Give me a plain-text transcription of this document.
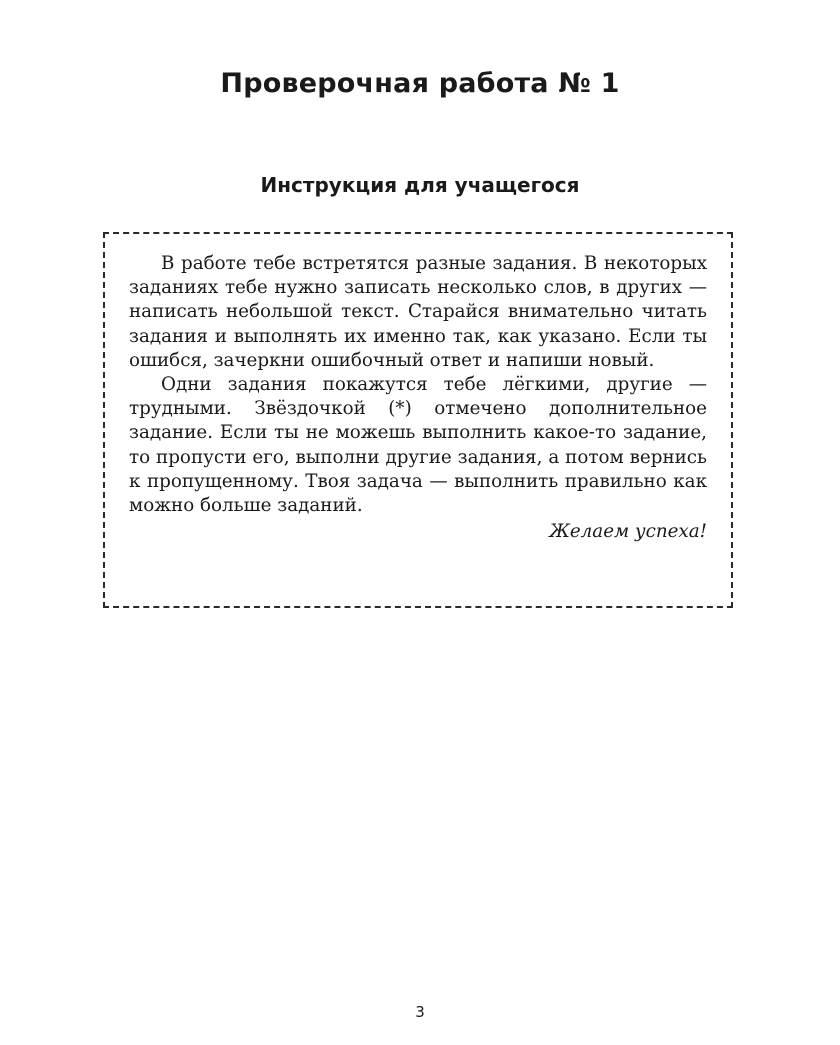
Проверочная работа № 1
Инструкция для учащегося

В работе тебе встретятся разные задания. В некоторых заданиях тебе нужно записать несколько слов, в других — написать небольшой текст. Старайся внимательно читать задания и выполнять их именно так, как указано. Если ты ошибся, зачеркни ошибочный ответ и напиши новый.

Одни задания покажутся тебе лёгкими, другие — трудными. Звёздочкой (*) отмечено дополнительное задание. Если ты не можешь выполнить какое-то задание, то пропусти его, выполни другие задания, а потом вернись к пропущенному. Твоя задача — выполнить правильно как можно больше заданий.

Желаем успеха!

3
